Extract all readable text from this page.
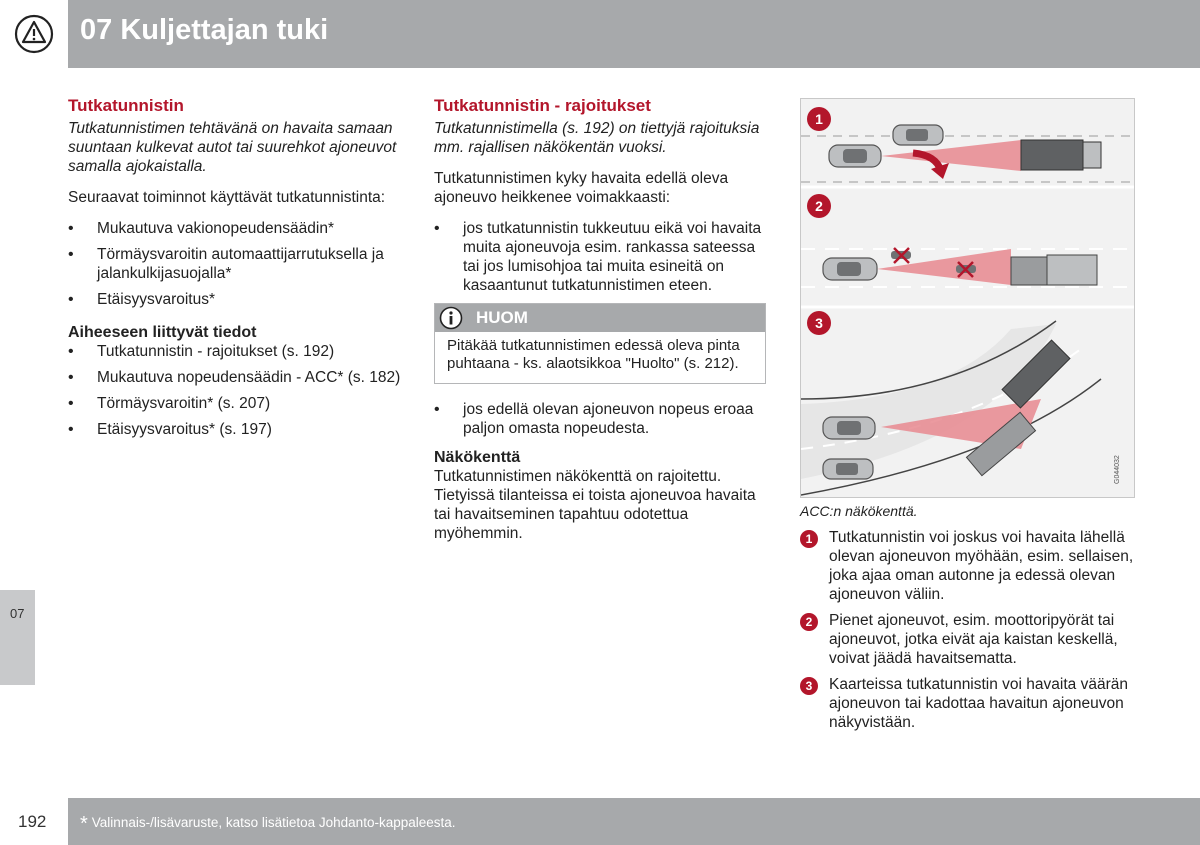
07 Kuljettajan tuki
07
Tutkatunnistin

Tutkatunnistimen tehtävänä on havaita samaan suuntaan kulkevat autot tai suurehkot ajoneuvot samalla ajokaistalla.

Seuraavat toiminnot käyttävät tutkatunnistinta:

• Mukautuva vakionopeudensäädin*
• Törmäysvaroitin automaattijarrutuksella ja jalankulkijasuojalla*
• Etäisyysvaroitus*
Aiheeseen liittyvät tiedot
• Tutkatunnistin - rajoitukset (s. 192)
• Mukautuva nopeudensäädin - ACC* (s. 182)
• Törmäysvaroitin* (s. 207)
• Etäisyysvaroitus* (s. 197)
Tutkatunnistin - rajoitukset

Tutkatunnistimella (s. 192) on tiettyjä rajoituksia mm. rajallisen näkökentän vuoksi.

Tutkatunnistimen kyky havaita edellä oleva ajoneuvo heikkenee voimakkaasti:

• jos tutkatunnistin tukkeutuu eikä voi havaita muita ajoneuvoja esim. rankassa sateessa tai jos lumisohjoa tai muita esineitä on kasaantunut tutkatunnistimen eteen.
HUOM
Pitäkää tutkatunnistimen edessä oleva pinta puhtaana - ks. alaotsikkoa "Huolto" (s. 212).
• jos edellä olevan ajoneuvon nopeus eroaa paljon omasta nopeudesta.
Näkökenttä

Tutkatunnistimen näkökenttä on rajoitettu. Tietyissä tilanteissa ei toista ajoneuvoa havaita tai havaitseminen tapahtuu odotettua myöhemmin.

G044032
1
2
3
ACC:n näkökenttä.
1	Tutkatunnistin voi joskus voi havaita lähellä olevan ajoneuvon myöhään, esim. sellaisen, joka ajaa oman autonne ja edessä olevan ajoneuvon väliin.
2	Pienet ajoneuvot, esim. moottoripyörät tai ajoneuvot, jotka eivät aja kaistan keskellä, voivat jäädä havaitsematta.
3	Kaarteissa tutkatunnistin voi havaita väärän ajoneuvon tai kadottaa havaitun ajoneuvon näkyvistään.
192 * Valinnais-/lisävaruste, katso lisätietoa Johdanto-kappaleesta.
